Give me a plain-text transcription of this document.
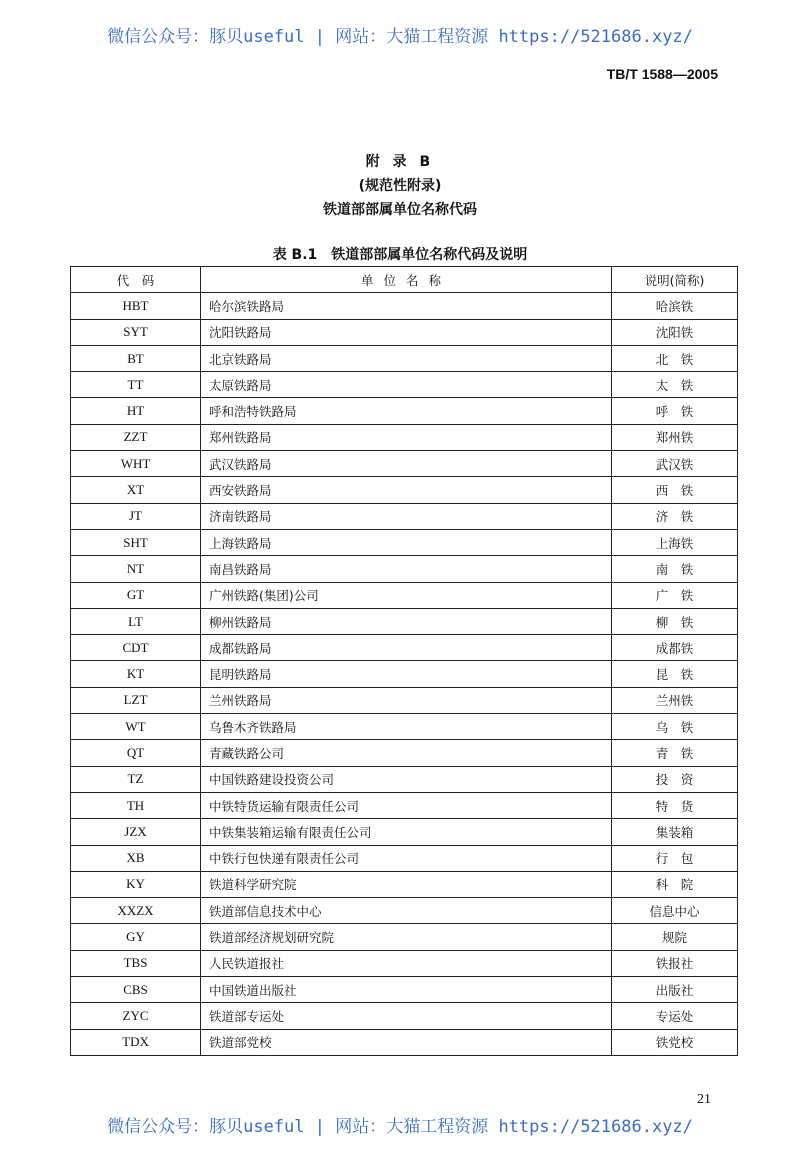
微信公众号：豚贝useful | 网站：大猫工程资源 https://521686.xyz/
TB/T 1588—2005
附 录 B
(规范性附录)
铁道部部属单位名称代码
表 B.1　铁道部部属单位名称代码及说明
代　码	单位名称	说明(简称)
HBT	哈尔滨铁路局	哈滨铁
SYT	沈阳铁路局	沈阳铁
BT	北京铁路局	北　铁
TT	太原铁路局	太　铁
HT	呼和浩特铁路局	呼　铁
ZZT	郑州铁路局	郑州铁
WHT	武汉铁路局	武汉铁
XT	西安铁路局	西　铁
JT	济南铁路局	济　铁
SHT	上海铁路局	上海铁
NT	南昌铁路局	南　铁
GT	广州铁路(集团)公司	广　铁
LT	柳州铁路局	柳　铁
CDT	成都铁路局	成都铁
KT	昆明铁路局	昆　铁
LZT	兰州铁路局	兰州铁
WT	乌鲁木齐铁路局	乌　铁
QT	青藏铁路公司	青　铁
TZ	中国铁路建设投资公司	投　资
TH	中铁特货运输有限责任公司	特　货
JZX	中铁集装箱运输有限责任公司	集装箱
XB	中铁行包快递有限责任公司	行　包
KY	铁道科学研究院	科　院
XXZX	铁道部信息技术中心	信息中心
GY	铁道部经济规划研究院	规院
TBS	人民铁道报社	铁报社
CBS	中国铁道出版社	出版社
ZYC	铁道部专运处	专运处
TDX	铁道部党校	铁党校
21
微信公众号：豚贝useful | 网站：大猫工程资源 https://521686.xyz/
